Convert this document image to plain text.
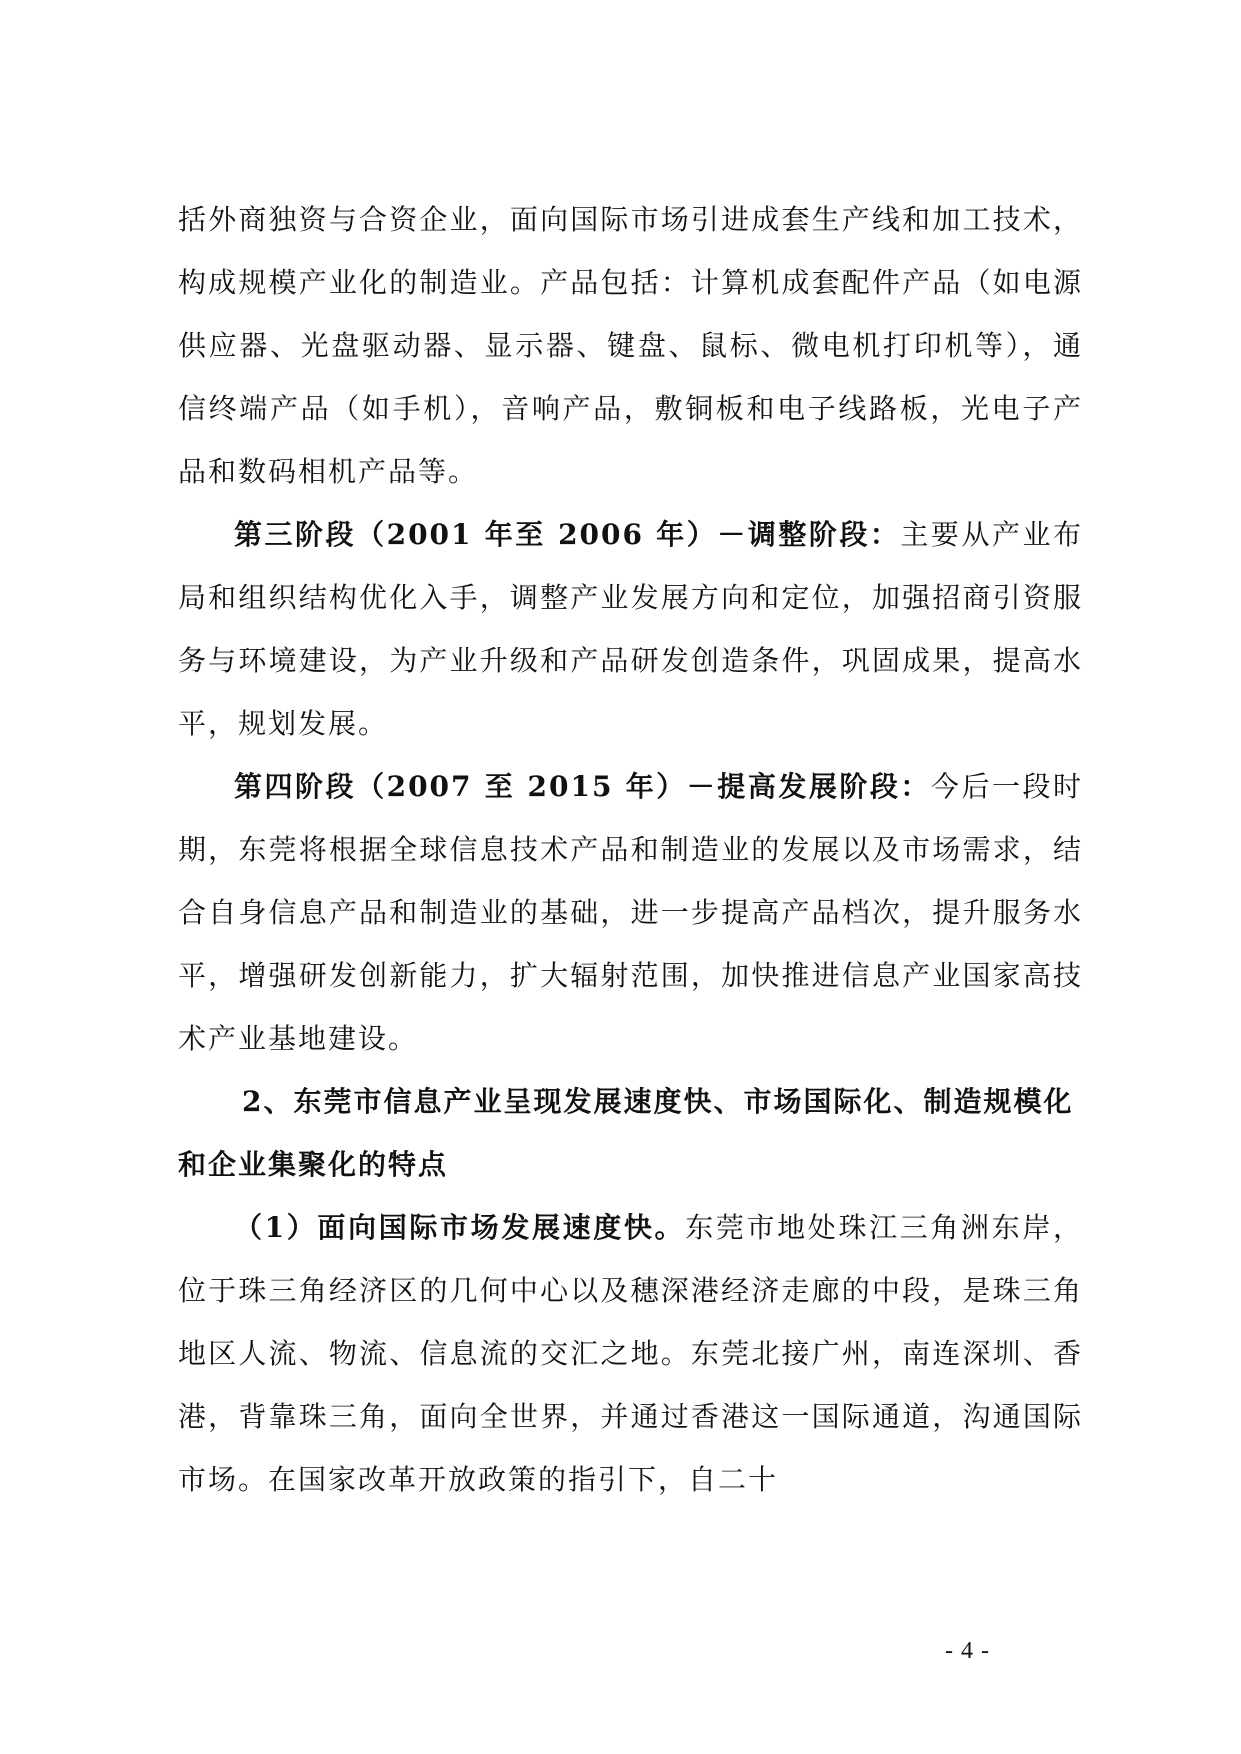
括外商独资与合资企业，面向国际市场引进成套生产线和加工技术，构成规模产业化的制造业。产品包括：计算机成套配件产品（如电源供应器、光盘驱动器、显示器、键盘、鼠标、微电机打印机等），通信终端产品（如手机），音响产品，敷铜板和电子线路板，光电子产品和数码相机产品等。

第三阶段（2001 年至 2006 年）－调整阶段：主要从产业布局和组织结构优化入手，调整产业发展方向和定位，加强招商引资服务与环境建设，为产业升级和产品研发创造条件，巩固成果，提高水平，规划发展。

第四阶段（2007 至 2015 年）－提高发展阶段：今后一段时期，东莞将根据全球信息技术产品和制造业的发展以及市场需求，结合自身信息产品和制造业的基础，进一步提高产品档次，提升服务水平，增强研发创新能力，扩大辐射范围，加快推进信息产业国家高技术产业基地建设。

2、东莞市信息产业呈现发展速度快、市场国际化、制造规模化和企业集聚化的特点

（1）面向国际市场发展速度快。东莞市地处珠江三角洲东岸，位于珠三角经济区的几何中心以及穗深港经济走廊的中段，是珠三角地区人流、物流、信息流的交汇之地。东莞北接广州，南连深圳、香港，背靠珠三角，面向全世界，并通过香港这一国际通道，沟通国际市场。在国家改革开放政策的指引下，自二十

- 4 -
